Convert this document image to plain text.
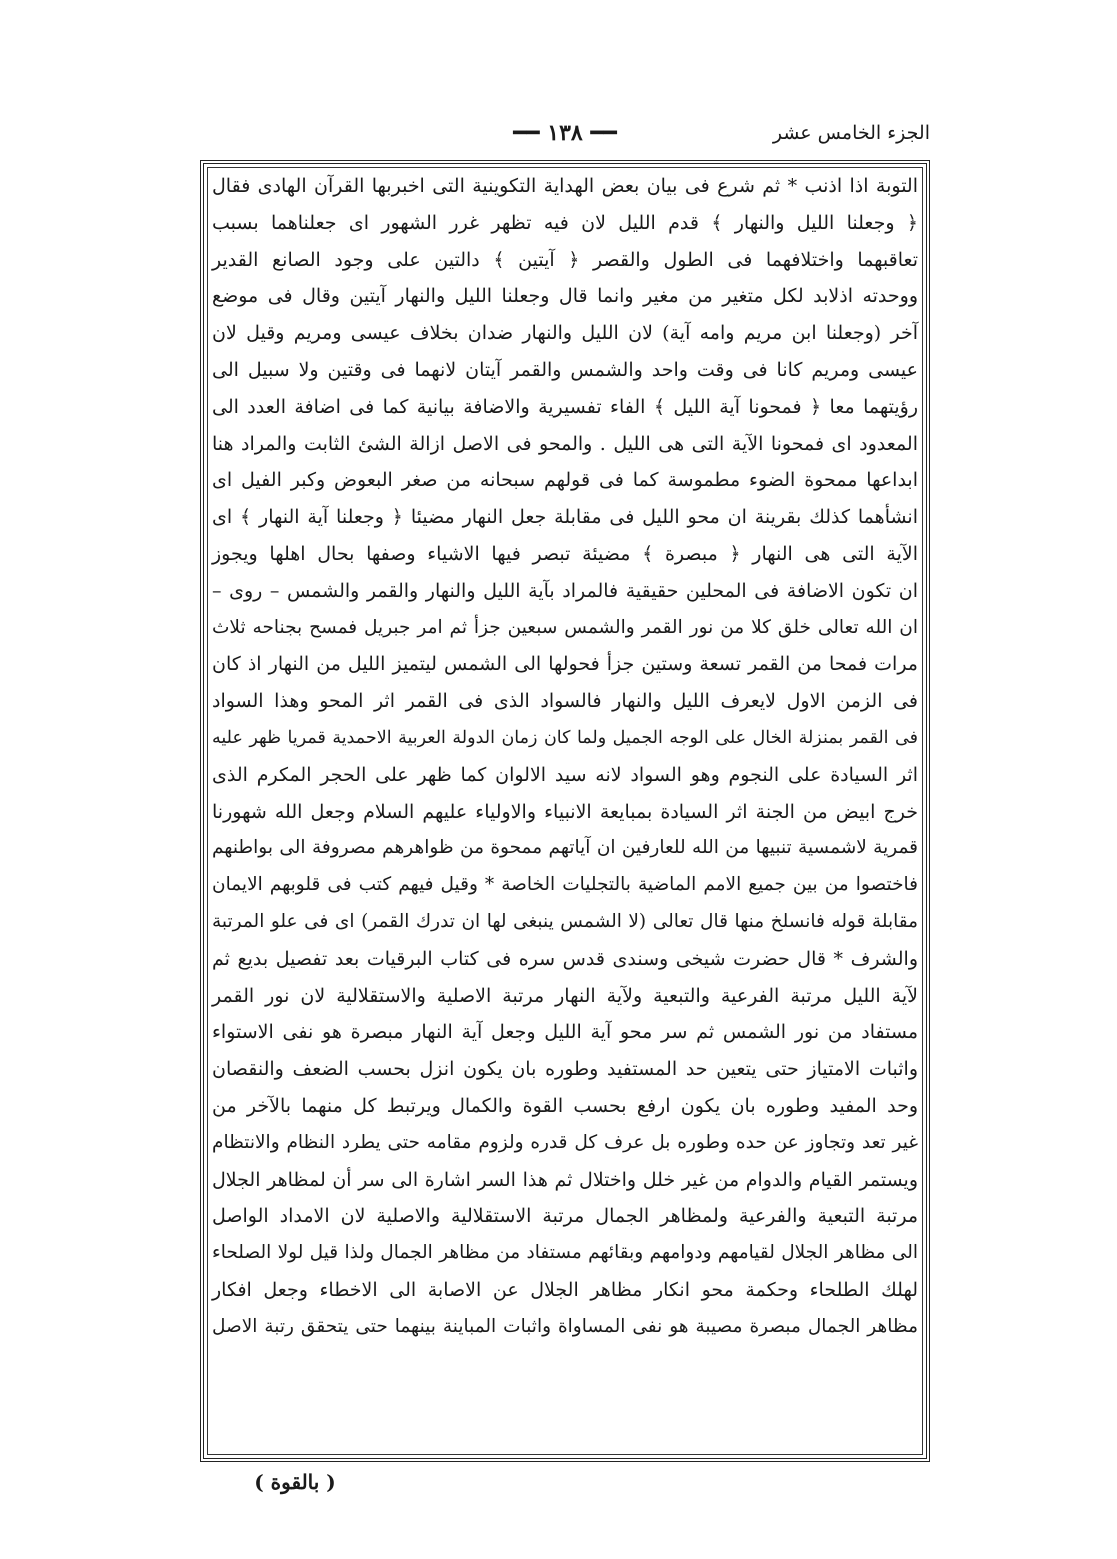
الجزء الخامس عشر
━━ ١٣٨ ━━
التوبة اذا اذنب * ثم شرع فى بيان بعض الهداية التكوينية التى اخبربها القرآن الهادى فقال
﴿ وجعلنا الليل والنهار ﴾ قدم الليل لان فيه تظهر غرر الشهور اى جعلناهما بسبب
تعاقبهما واختلافهما فى الطول والقصر ﴿ آيتين ﴾ دالتين على وجود الصانع القدير
ووحدته اذلابد لكل متغير من مغير وانما قال وجعلنا الليل والنهار آيتين وقال فى موضع
آخر (وجعلنا ابن مريم وامه آية) لان الليل والنهار ضدان بخلاف عيسى ومريم وقيل لان
عيسى ومريم كانا فى وقت واحد والشمس والقمر آيتان لانهما فى وقتين ولا سبيل الى
رؤيتهما معا ﴿ فمحونا آية الليل ﴾ الفاء تفسيرية والاضافة بيانية كما فى اضافة العدد الى
المعدود اى فمحونا الآية التى هى الليل . والمحو فى الاصل ازالة الشئ الثابت والمراد هنا
ابداعها ممحوة الضوء مطموسة كما فى قولهم سبحانه من صغر البعوض وكبر الفيل اى
انشأهما كذلك بقرينة ان محو الليل فى مقابلة جعل النهار مضيئا ﴿ وجعلنا آية النهار ﴾ اى
الآية التى هى النهار ﴿ مبصرة ﴾ مضيئة تبصر فيها الاشياء وصفها بحال اهلها ويجوز
ان تكون الاضافة فى المحلين حقيقية فالمراد بآية الليل والنهار والقمر والشمس – روى –
ان الله تعالى خلق كلا من نور القمر والشمس سبعين جزأ ثم امر جبريل فمسح بجناحه ثلاث
مرات فمحا من القمر تسعة وستين جزأ فحولها الى الشمس ليتميز الليل من النهار اذ كان
فى الزمن الاول لايعرف الليل والنهار فالسواد الذى فى القمر اثر المحو وهذا السواد
فى القمر بمنزلة الخال على الوجه الجميل ولما كان زمان الدولة العربية الاحمدية قمريا ظهر عليه
اثر السيادة على النجوم وهو السواد لانه سيد الالوان كما ظهر على الحجر المكرم الذى
خرج ابيض من الجنة اثر السيادة بمبايعة الانبياء والاولياء عليهم السلام وجعل الله شهورنا
قمرية لاشمسية تنبيها من الله للعارفين ان آياتهم ممحوة من ظواهرهم مصروفة الى بواطنهم
فاختصوا من بين جميع الامم الماضية بالتجليات الخاصة * وقيل فيهم كتب فى قلوبهم الايمان
مقابلة قوله فانسلخ منها قال تعالى (لا الشمس ينبغى لها ان تدرك القمر) اى فى علو المرتبة
والشرف * قال حضرت شيخى وسندى قدس سره فى كتاب البرقيات بعد تفصيل بديع ثم
لآية الليل مرتبة الفرعية والتبعية ولآية النهار مرتبة الاصلية والاستقلالية لان نور القمر
مستفاد من نور الشمس ثم سر محو آية الليل وجعل آية النهار مبصرة هو نفى الاستواء
واثبات الامتياز حتى يتعين حد المستفيد وطوره بان يكون انزل بحسب الضعف والنقصان
وحد المفيد وطوره بان يكون ارفع بحسب القوة والكمال ويرتبط كل منهما بالآخر من
غير تعد وتجاوز عن حده وطوره بل عرف كل قدره ولزوم مقامه حتى يطرد النظام والانتظام
ويستمر القيام والدوام من غير خلل واختلال ثم هذا السر اشارة الى سر أن لمظاهر الجلال
مرتبة التبعية والفرعية ولمظاهر الجمال مرتبة الاستقلالية والاصلية لان الامداد الواصل
الى مظاهر الجلال لقيامهم ودوامهم وبقائهم مستفاد من مظاهر الجمال ولذا قيل لولا الصلحاء
لهلك الطلحاء وحكمة محو انكار مظاهر الجلال عن الاصابة الى الاخطاء وجعل افكار
مظاهر الجمال مبصرة مصيبة هو نفى المساواة واثبات المباينة بينهما حتى يتحقق رتبة الاصل
( بالقوة )
